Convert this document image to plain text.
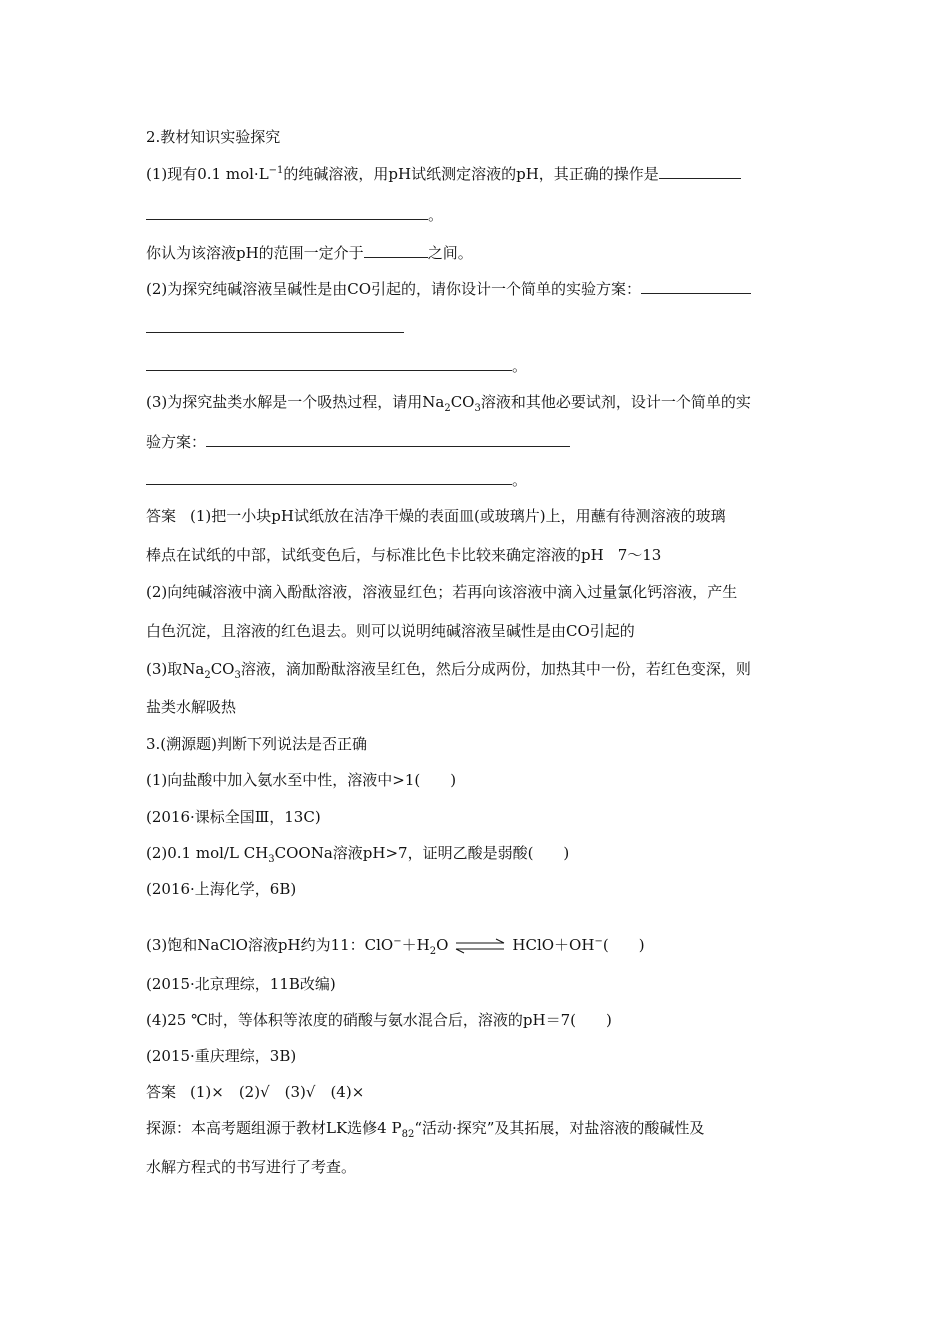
2.教材知识实验探究
(1)现有0.1 $mol\cdot L^{-1}$的纯碱溶液，用pH试纸测定溶液的pH，其正确的操作是
。
你认为该溶液pH的范围一定介于	之间。
(2)为探究纯碱溶液呈碱性是由CO引起的，请你设计一个简单的实验方案：
。
(3)为探究盐类水解是一个吸热过程，请用$Na_2CO_3$溶液和其他必要试剂，设计一个简单的实
验方案：
。
答案 (1)把一小块pH试纸放在洁净干燥的表面皿(或玻璃片)上，用蘸有待测溶液的玻璃
棒点在试纸的中部，试纸变色后，与标准比色卡比较来确定溶液的pH 7～13
(2)向纯碱溶液中滴入酚酞溶液，溶液显红色；若再向该溶液中滴入过量氯化钙溶液，产生
白色沉淀，且溶液的红色退去。则可以说明纯碱溶液呈碱性是由CO引起的
(3)取$Na_2CO_3$溶液，滴加酚酞溶液呈红色，然后分成两份，加热其中一份，若红色变深，则
盐类水解吸热
3.(溯源题)判断下列说法是否正确
(1)向盐酸中加入氨水至中性，溶液中>1(　　)
(2016·课标全国Ⅲ，13C)
(2)0.1 mol/L $CH_3COONa$溶液pH>7，证明乙酸是弱酸(　　)
(2016·上海化学，6B)
(3)饱和NaClO溶液pH约为11：$ClO^-+H_2O$ ⇌ HClO＋OH−(　　)
(2015·北京理综，11B改编)
(4)25 ℃时，等体积等浓度的硝酸与氨水混合后，溶液的pH＝7(　　)
(2015·重庆理综，3B)
答案 (1)×　(2)√　(3)√　(4)×
探源：本高考题组源于教材LK选修4 $P_{82}“$活动·探究”及其拓展，对盐溶液的酸碱性及
水解方程式的书写进行了考查。
